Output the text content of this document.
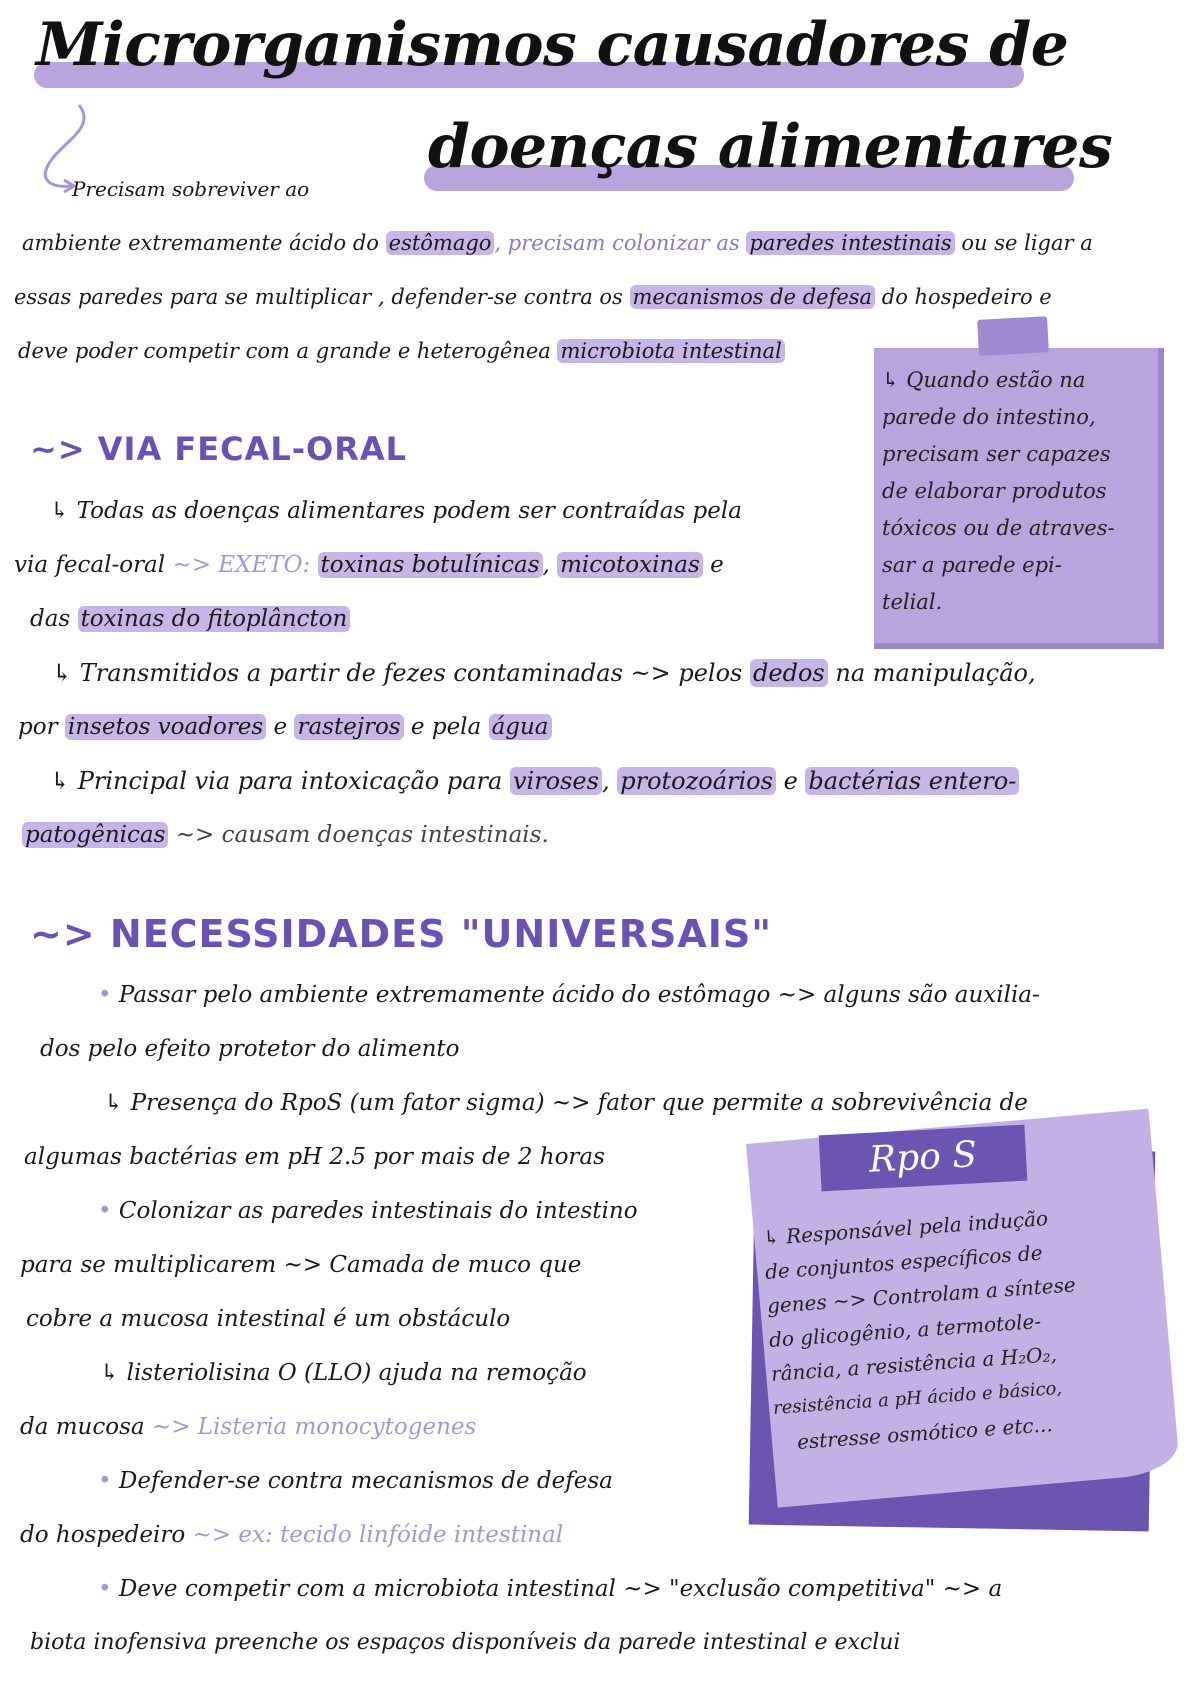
Microrganismos causadores de
doenças alimentares
Precisam sobreviver ao
ambiente extremamente ácido do estômago , precisam colonizar as paredes intestinais ou se ligar a
essas paredes para se multiplicar , defender-se contra os mecanismos de defesa do hospedeiro e
deve poder competir com a grande e heterogênea microbiota intestinal
↳ Quando estão na
parede do intestino,
precisam ser capazes
de elaborar produtos
tóxicos ou de atraves-
sar a parede epi-
telial.
~> VIA FECAL-ORAL
↳ Todas as doenças alimentares podem ser contraídas pela
via fecal-oral ~> EXETO: toxinas botulínicas , micotoxinas e
das toxinas do fitoplâncton
↳ Transmitidos a partir de fezes contaminadas ~> pelos dedos na manipulação,
por insetos voadores e rastejros e pela água
↳ Principal via para intoxicação para viroses , protozoários e bactérias entero-
patogênicas ~> causam doenças intestinais.
~> NECESSIDADES "UNIVERSAIS"
• Passar pelo ambiente extremamente ácido do estômago ~> alguns são auxilia-
dos pelo efeito protetor do alimento
↳ Presença do RpoS (um fator sigma) ~> fator que permite a sobrevivência de
algumas bactérias em pH 2.5 por mais de 2 horas
• Colonizar as paredes intestinais do intestino
para se multiplicarem ~> Camada de muco que
cobre a mucosa intestinal é um obstáculo
↳ listeriolisina O (LLO) ajuda na remoção
da mucosa ~> Listeria monocytogenes
• Defender-se contra mecanismos de defesa
do hospedeiro ~> ex: tecido linfóide intestinal
• Deve competir com a microbiota intestinal ~> "exclusão competitiva" ~> a
biota inofensiva preenche os espaços disponíveis da parede intestinal e exclui
Rpo S
↳ Responsável pela indução
de conjuntos específicos de
genes ~> Controlam a síntese
do glicogênio, a termotole-
rância, a resistência a H₂O₂,
resistência a pH ácido e básico,
estresse osmótico e etc...
